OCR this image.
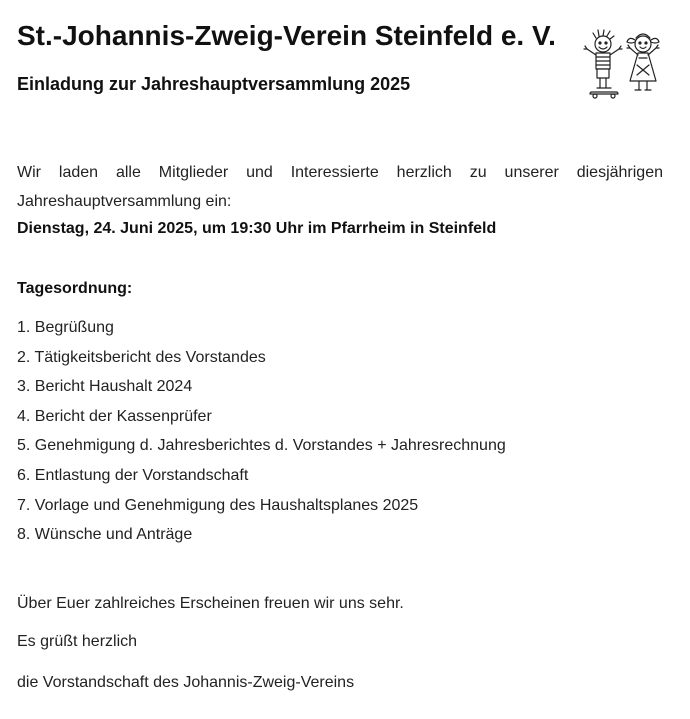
St.-Johannis-Zweig-Verein Steinfeld e. V.
Einladung zur Jahreshauptversammlung 2025

Wir laden alle Mitglieder und Interessierte herzlich zu unserer diesjährigen Jahreshauptversammlung ein:

Dienstag, 24. Juni 2025, um 19:30 Uhr im Pfarrheim in Steinfeld

Tagesordnung:

1. Begrüßung
2. Tätigkeitsbericht des Vorstandes
3. Bericht Haushalt 2024
4. Bericht der Kassenprüfer
5. Genehmigung d. Jahresberichtes d. Vorstandes + Jahresrechnung
6. Entlastung der Vorstandschaft
7. Vorlage und Genehmigung des Haushaltsplanes 2025
8. Wünsche und Anträge

Über Euer zahlreiches Erscheinen freuen wir uns sehr.

Es grüßt herzlich

die Vorstandschaft des Johannis-Zweig-Vereins
